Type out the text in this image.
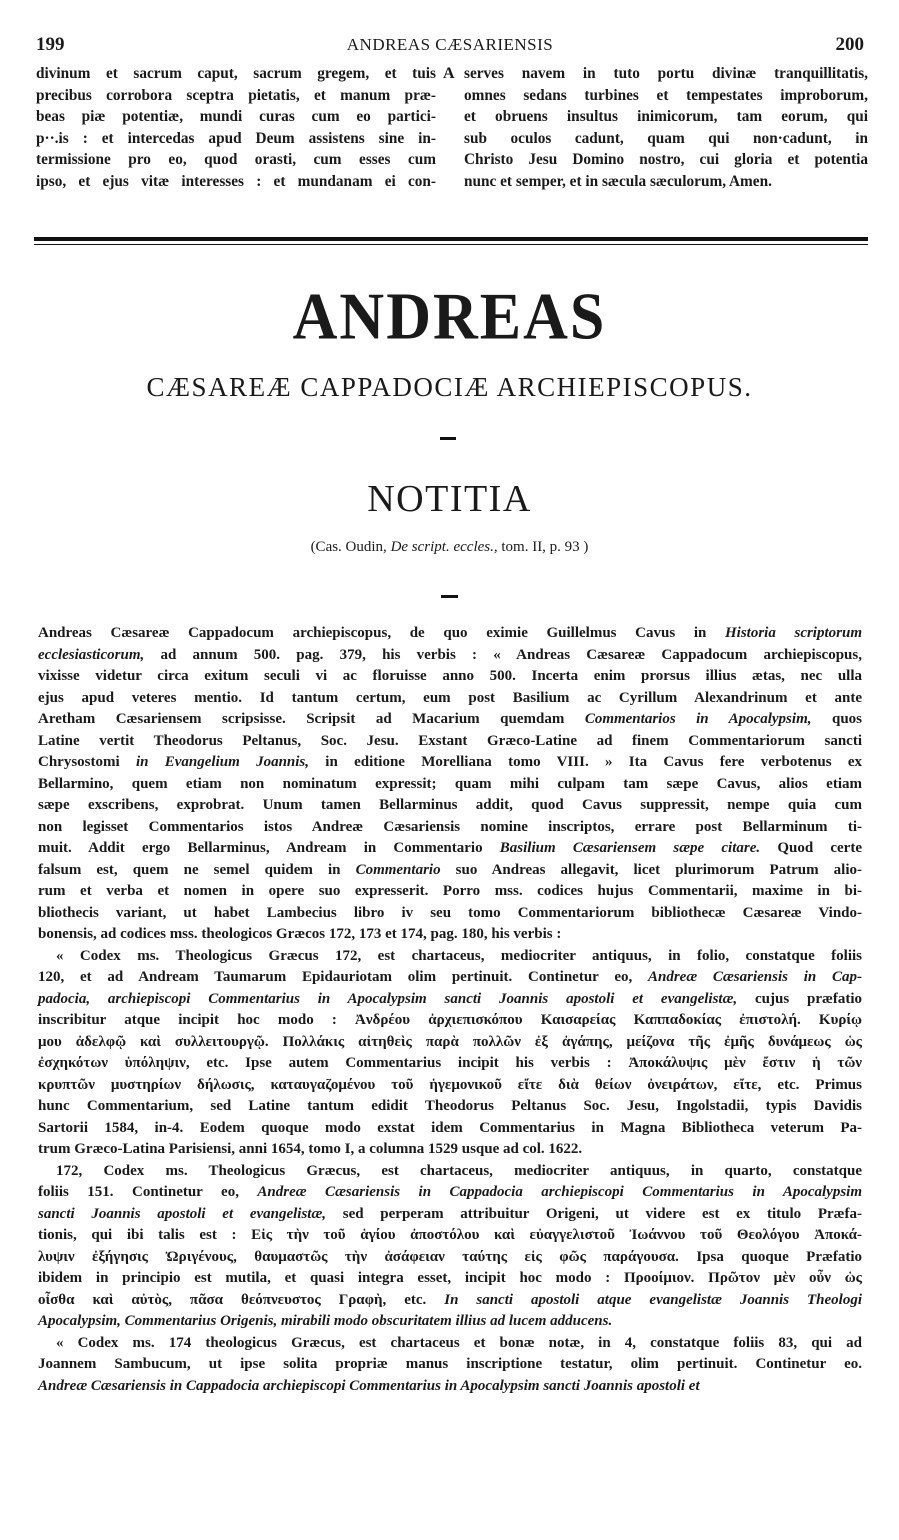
199	ANDREAS CÆSARIENSIS	200
divinum et sacrum caput, sacrum gregem, et tuis
precibus corrobora sceptra pietatis, et manum præ-
beas piæ potentiæ, mundi curas cum eo partici-
p··.is : et intercedas apud Deum assistens sine in-
termissione pro eo, quod orasti, cum esses cum
ipso, et ejus vitæ interesses : et mundanam ei con-
A serves navem in tuto portu divinæ tranquillitatis,
omnes sedans turbines et tempestates improborum,
et obruens insultus inimicorum, tam eorum, qui
sub oculos cadunt, quam qui non·cadunt, in
Christo Jesu Domino nostro, cui gloria et potentia
nunc et semper, et in sæcula sæculorum, Amen.
ANDREAS
CÆSAREÆ CAPPADOCIÆ ARCHIEPISCOPUS.
NOTITIA
(Cas. Oudin, De script. eccles., tom. II, p. 93 )
Andreas Cæsareæ Cappadocum archiepiscopus, de quo eximie Guillelmus Cavus in Historia scriptorum
ecclesiasticorum, ad annum 500. pag. 379, his verbis : « Andreas Cæsareæ Cappadocum archiepiscopus,
vixisse videtur circa exitum seculi vi ac floruisse anno 500. Incerta enim prorsus illius ætas, nec ulla
ejus apud veteres mentio. Id tantum certum, eum post Basilium ac Cyrillum Alexandrinum et ante
Aretham Cæsariensem scripsisse. Scripsit ad Macarium quemdam Commentarios in Apocalypsim, quos
Latine vertit Theodorus Peltanus, Soc. Jesu. Exstant Græco-Latine ad finem Commentariorum sancti
Chrysostomi in Evangelium Joannis, in editione Morelliana tomo VIII. » Ita Cavus fere verbotenus ex
Bellarmino, quem etiam non nominatum expressit; quam mihi culpam tam sæpe Cavus, alios etiam
sæpe exscribens, exprobrat. Unum tamen Bellarminus addit, quod Cavus suppressit, nempe quia cum
non legisset Commentarios istos Andreæ Cæsariensis nomine inscriptos, errare post Bellarminum ti-
muit. Addit ergo Bellarminus, Andream in Commentario Basilium Cæsariensem sæpe citare. Quod certe
falsum est, quem ne semel quidem in Commentario suo Andreas allegavit, licet plurimorum Patrum alio-
rum et verba et nomen in opere suo expresserit. Porro mss. codices hujus Commentarii, maxime in bi-
bliothecis variant, ut habet Lambecius libro iv seu tomo Commentariorum bibliothecæ Cæsareæ Vindo-
bonensis, ad codices mss. theologicos Græcos 172, 173 et 174, pag. 180, his verbis :
« Codex ms. Theologicus Græcus 172, est chartaceus, mediocriter antiquus, in folio, constatque foliis
120, et ad Andream Taumarum Epidauriotam olim pertinuit. Continetur eo, Andreæ Cæsariensis in Cap-
padocia, archiepiscopi Commentarius in Apocalypsim sancti Joannis apostoli et evangelistæ, cujus præfatio
inscribitur atque incipit hoc modo : Ἀνδρέου ἀρχιεπισκόπου Καισαρείας Καππαδοκίας ἐπιστολή. Κυρίῳ
μου ἀδελφῷ καὶ συλλειτουργῷ. Πολλάκις αἰτηθεὶς παρὰ πολλῶν ἐξ ἀγάπης, μείζονα τῆς ἐμῆς δυνάμεως ὡς
ἐσχηκότων ὑπόληψιν, etc. Ipse autem Commentarius incipit his verbis : Ἀποκάλυψις μὲν ἔστιν ἡ τῶν
κρυπτῶν μυστηρίων δήλωσις, καταυγαζομένου τοῦ ἡγεμονικοῦ εἴτε διὰ θείων ὀνειράτων, εἴτε, etc. Primus
hunc Commentarium, sed Latine tantum edidit Theodorus Peltanus Soc. Jesu, Ingolstadii, typis Davidis
Sartorii 1584, in-4. Eodem quoque modo exstat idem Commentarius in Magna Bibliotheca veterum Pa-
trum Græco-Latina Parisiensi, anni 1654, tomo I, a columna 1529 usque ad col. 1622.
172, Codex ms. Theologicus Græcus, est chartaceus, mediocriter antiquus, in quarto, constatque
foliis 151. Continetur eo, Andreæ Cæsariensis in Cappadocia archiepiscopi Commentarius in Apocalypsim
sancti Joannis apostoli et evangelistæ, sed perperam attribuitur Origeni, ut videre est ex titulo Præfa-
tionis, qui ibi talis est : Εἰς τὴν τοῦ ἁγίου ἀποστόλου καὶ εὐαγγελιστοῦ Ἰωάννου τοῦ Θεολόγου Ἀποκά-
λυψιν ἐξήγησις Ὠριγένους, θαυμαστῶς τὴν ἀσάφειαν ταύτης εἰς φῶς παράγουσα. Ipsa quoque Præfatio
ibidem in principio est mutila, et quasi integra esset, incipit hoc modo : Προοίμιον. Πρῶτον μὲν οὖν ὡς
οἶσθα καὶ αὐτὸς, πᾶσα θεόπνευστος Γραφὴ, etc. In sancti apostoli atque evangelistæ Joannis Theologi
Apocalypsim, Commentarius Origenis, mirabili modo obscuritatem illius ad lucem adducens.
« Codex ms. 174 theologicus Græcus, est chartaceus et bonæ notæ, in 4, constatque foliis 83, qui ad
Joannem Sambucum, ut ipse solita propriæ manus inscriptione testatur, olim pertinuit. Continetur eo.
Andreæ Cæsariensis in Cappadocia archiepiscopi Commentarius in Apocalypsim sancti Joannis apostoli et
